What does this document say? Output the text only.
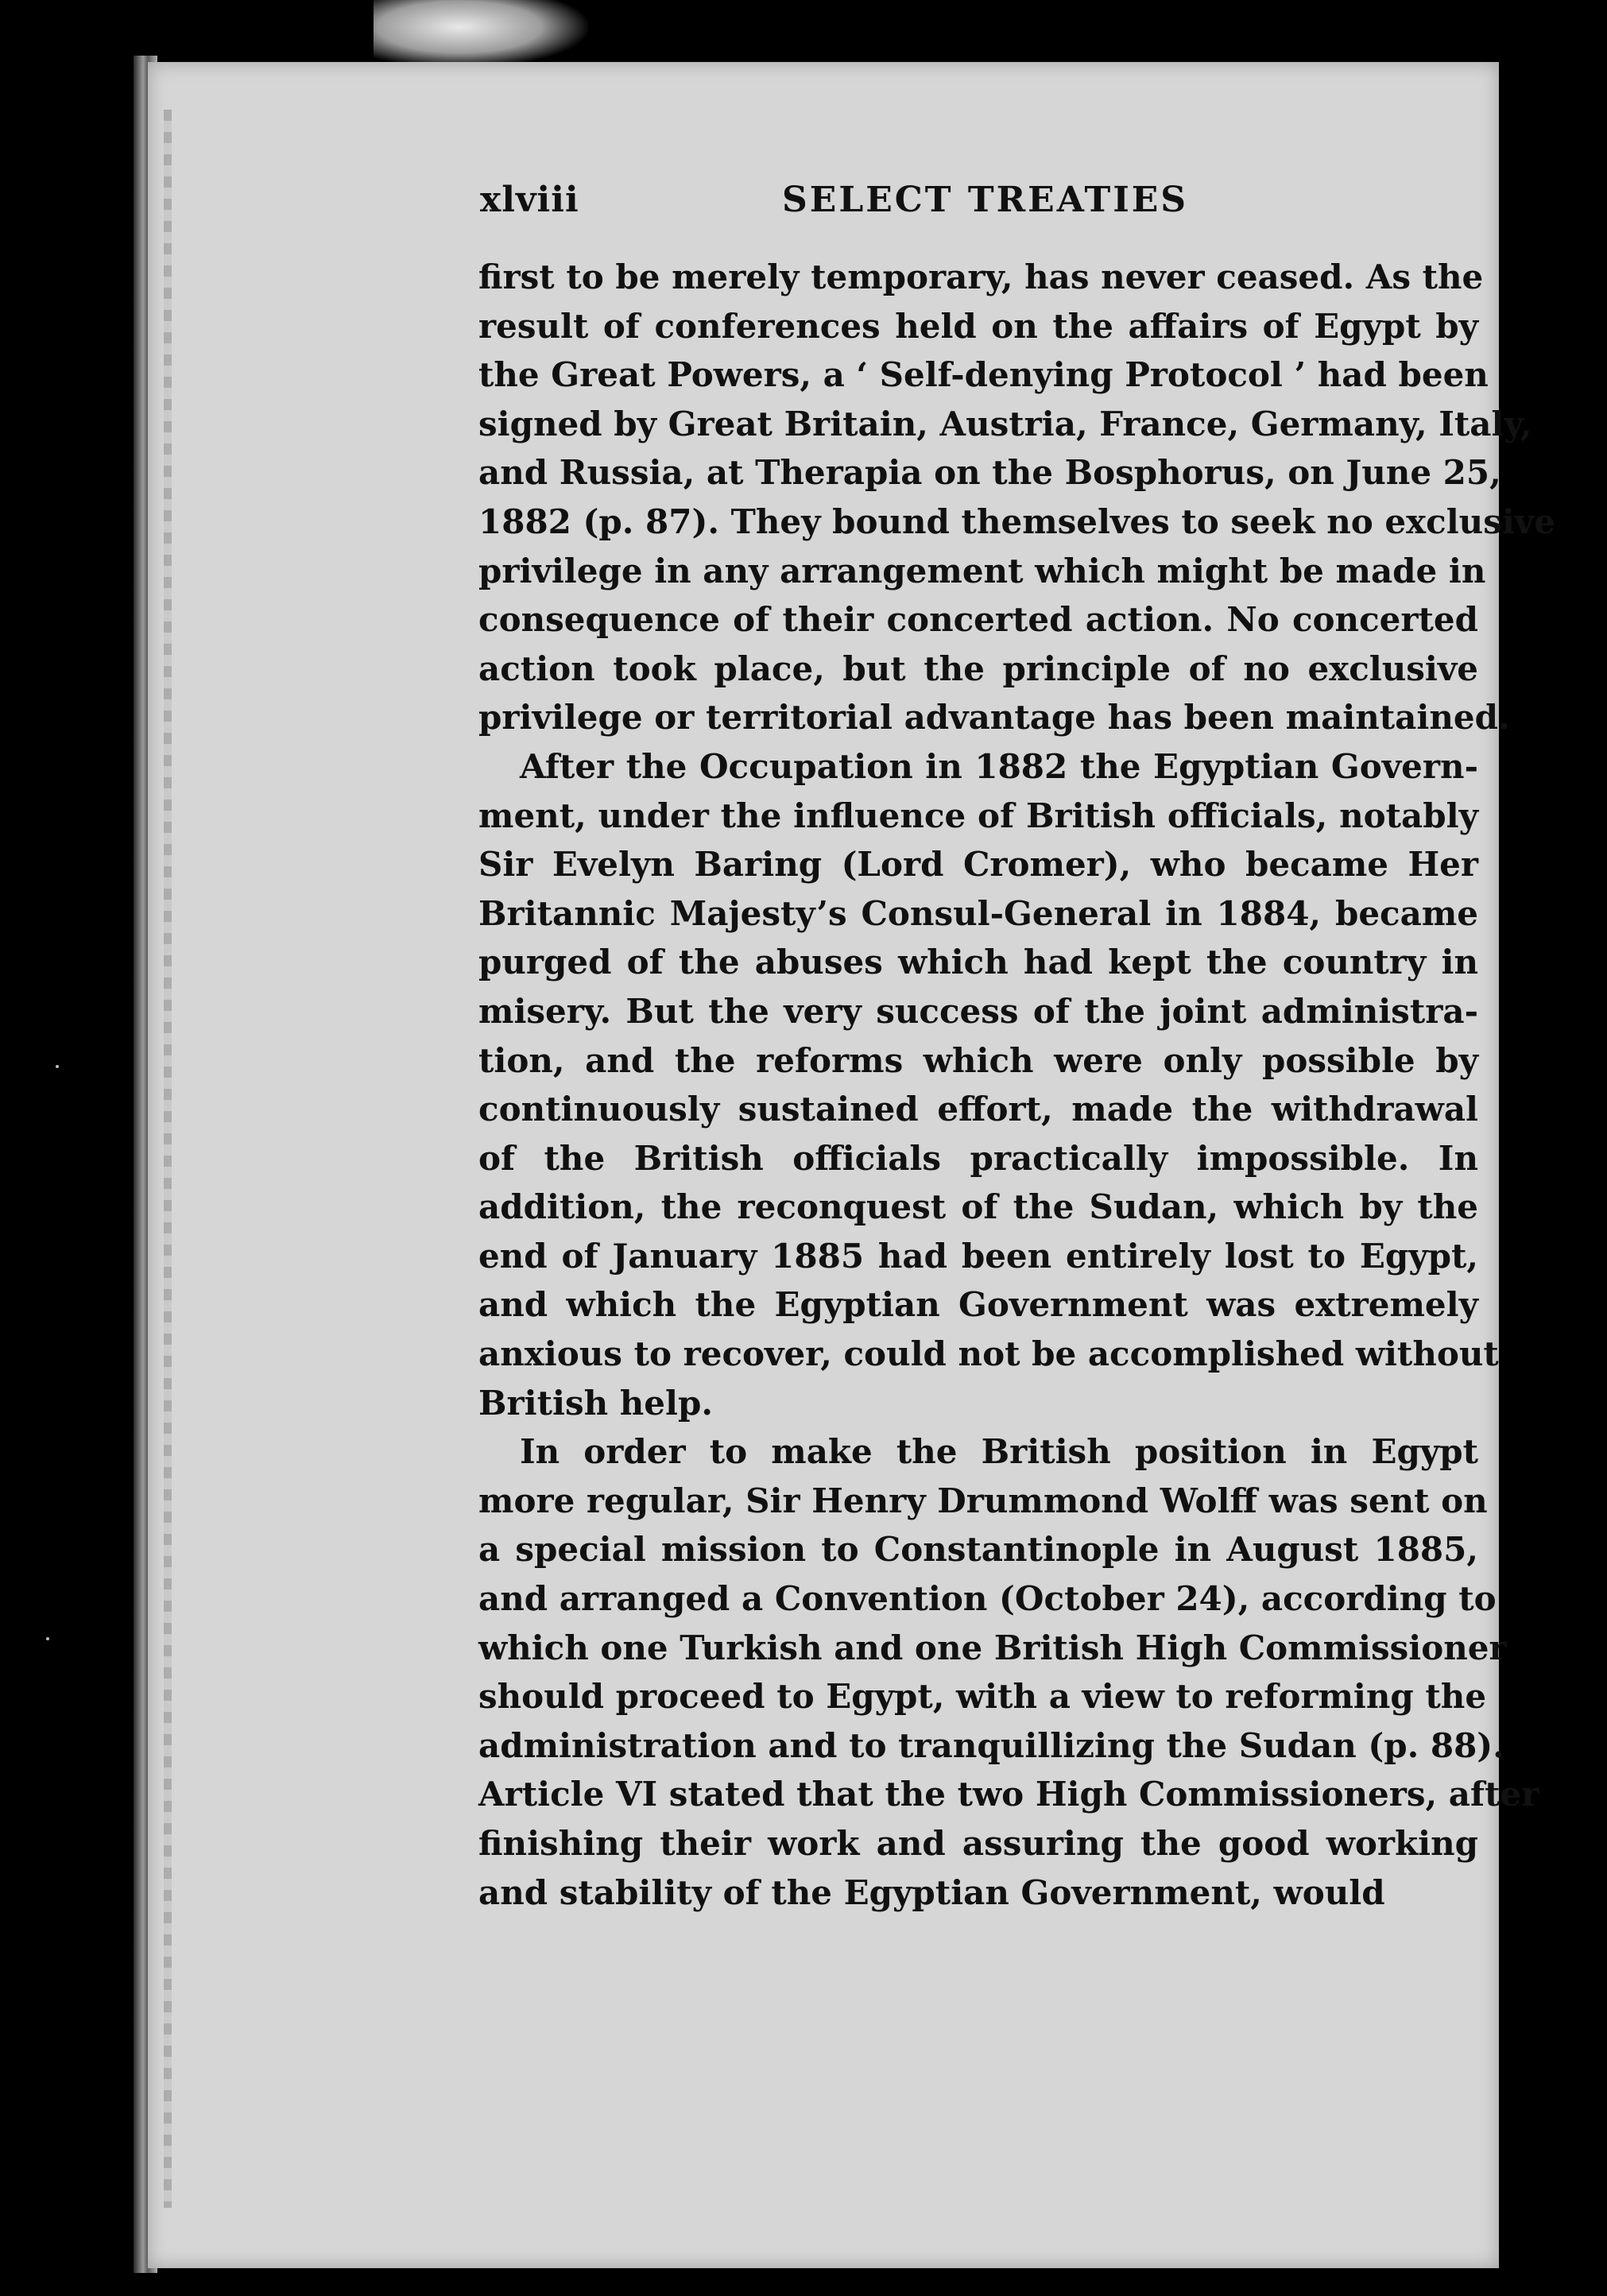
xlviii	SELECT TREATIES
first to be merely temporary, has never ceased. As the
result of conferences held on the affairs of Egypt by
the Great Powers, a ‘ Self-denying Protocol ’ had been
signed by Great Britain, Austria, France, Germany, Italy,
and Russia, at Therapia on the Bosphorus, on June 25,
1882 (p. 87). They bound themselves to seek no exclusive
privilege in any arrangement which might be made in
consequence of their concerted action. No concerted
action took place, but the principle of no exclusive
privilege or territorial advantage has been maintained.
After the Occupation in 1882 the Egyptian Govern-
ment, under the influence of British officials, notably
Sir Evelyn Baring (Lord Cromer), who became Her
Britannic Majesty’s Consul-General in 1884, became
purged of the abuses which had kept the country in
misery. But the very success of the joint administra-
tion, and the reforms which were only possible by
continuously sustained effort, made the withdrawal
of the British officials practically impossible. In
addition, the reconquest of the Sudan, which by the
end of January 1885 had been entirely lost to Egypt,
and which the Egyptian Government was extremely
anxious to recover, could not be accomplished without
British help.
In order to make the British position in Egypt
more regular, Sir Henry Drummond Wolff was sent on
a special mission to Constantinople in August 1885,
and arranged a Convention (October 24), according to
which one Turkish and one British High Commissioner
should proceed to Egypt, with a view to reforming the
administration and to tranquillizing the Sudan (p. 88).
Article VI stated that the two High Commissioners, after
finishing their work and assuring the good working
and stability of the Egyptian Government, would
